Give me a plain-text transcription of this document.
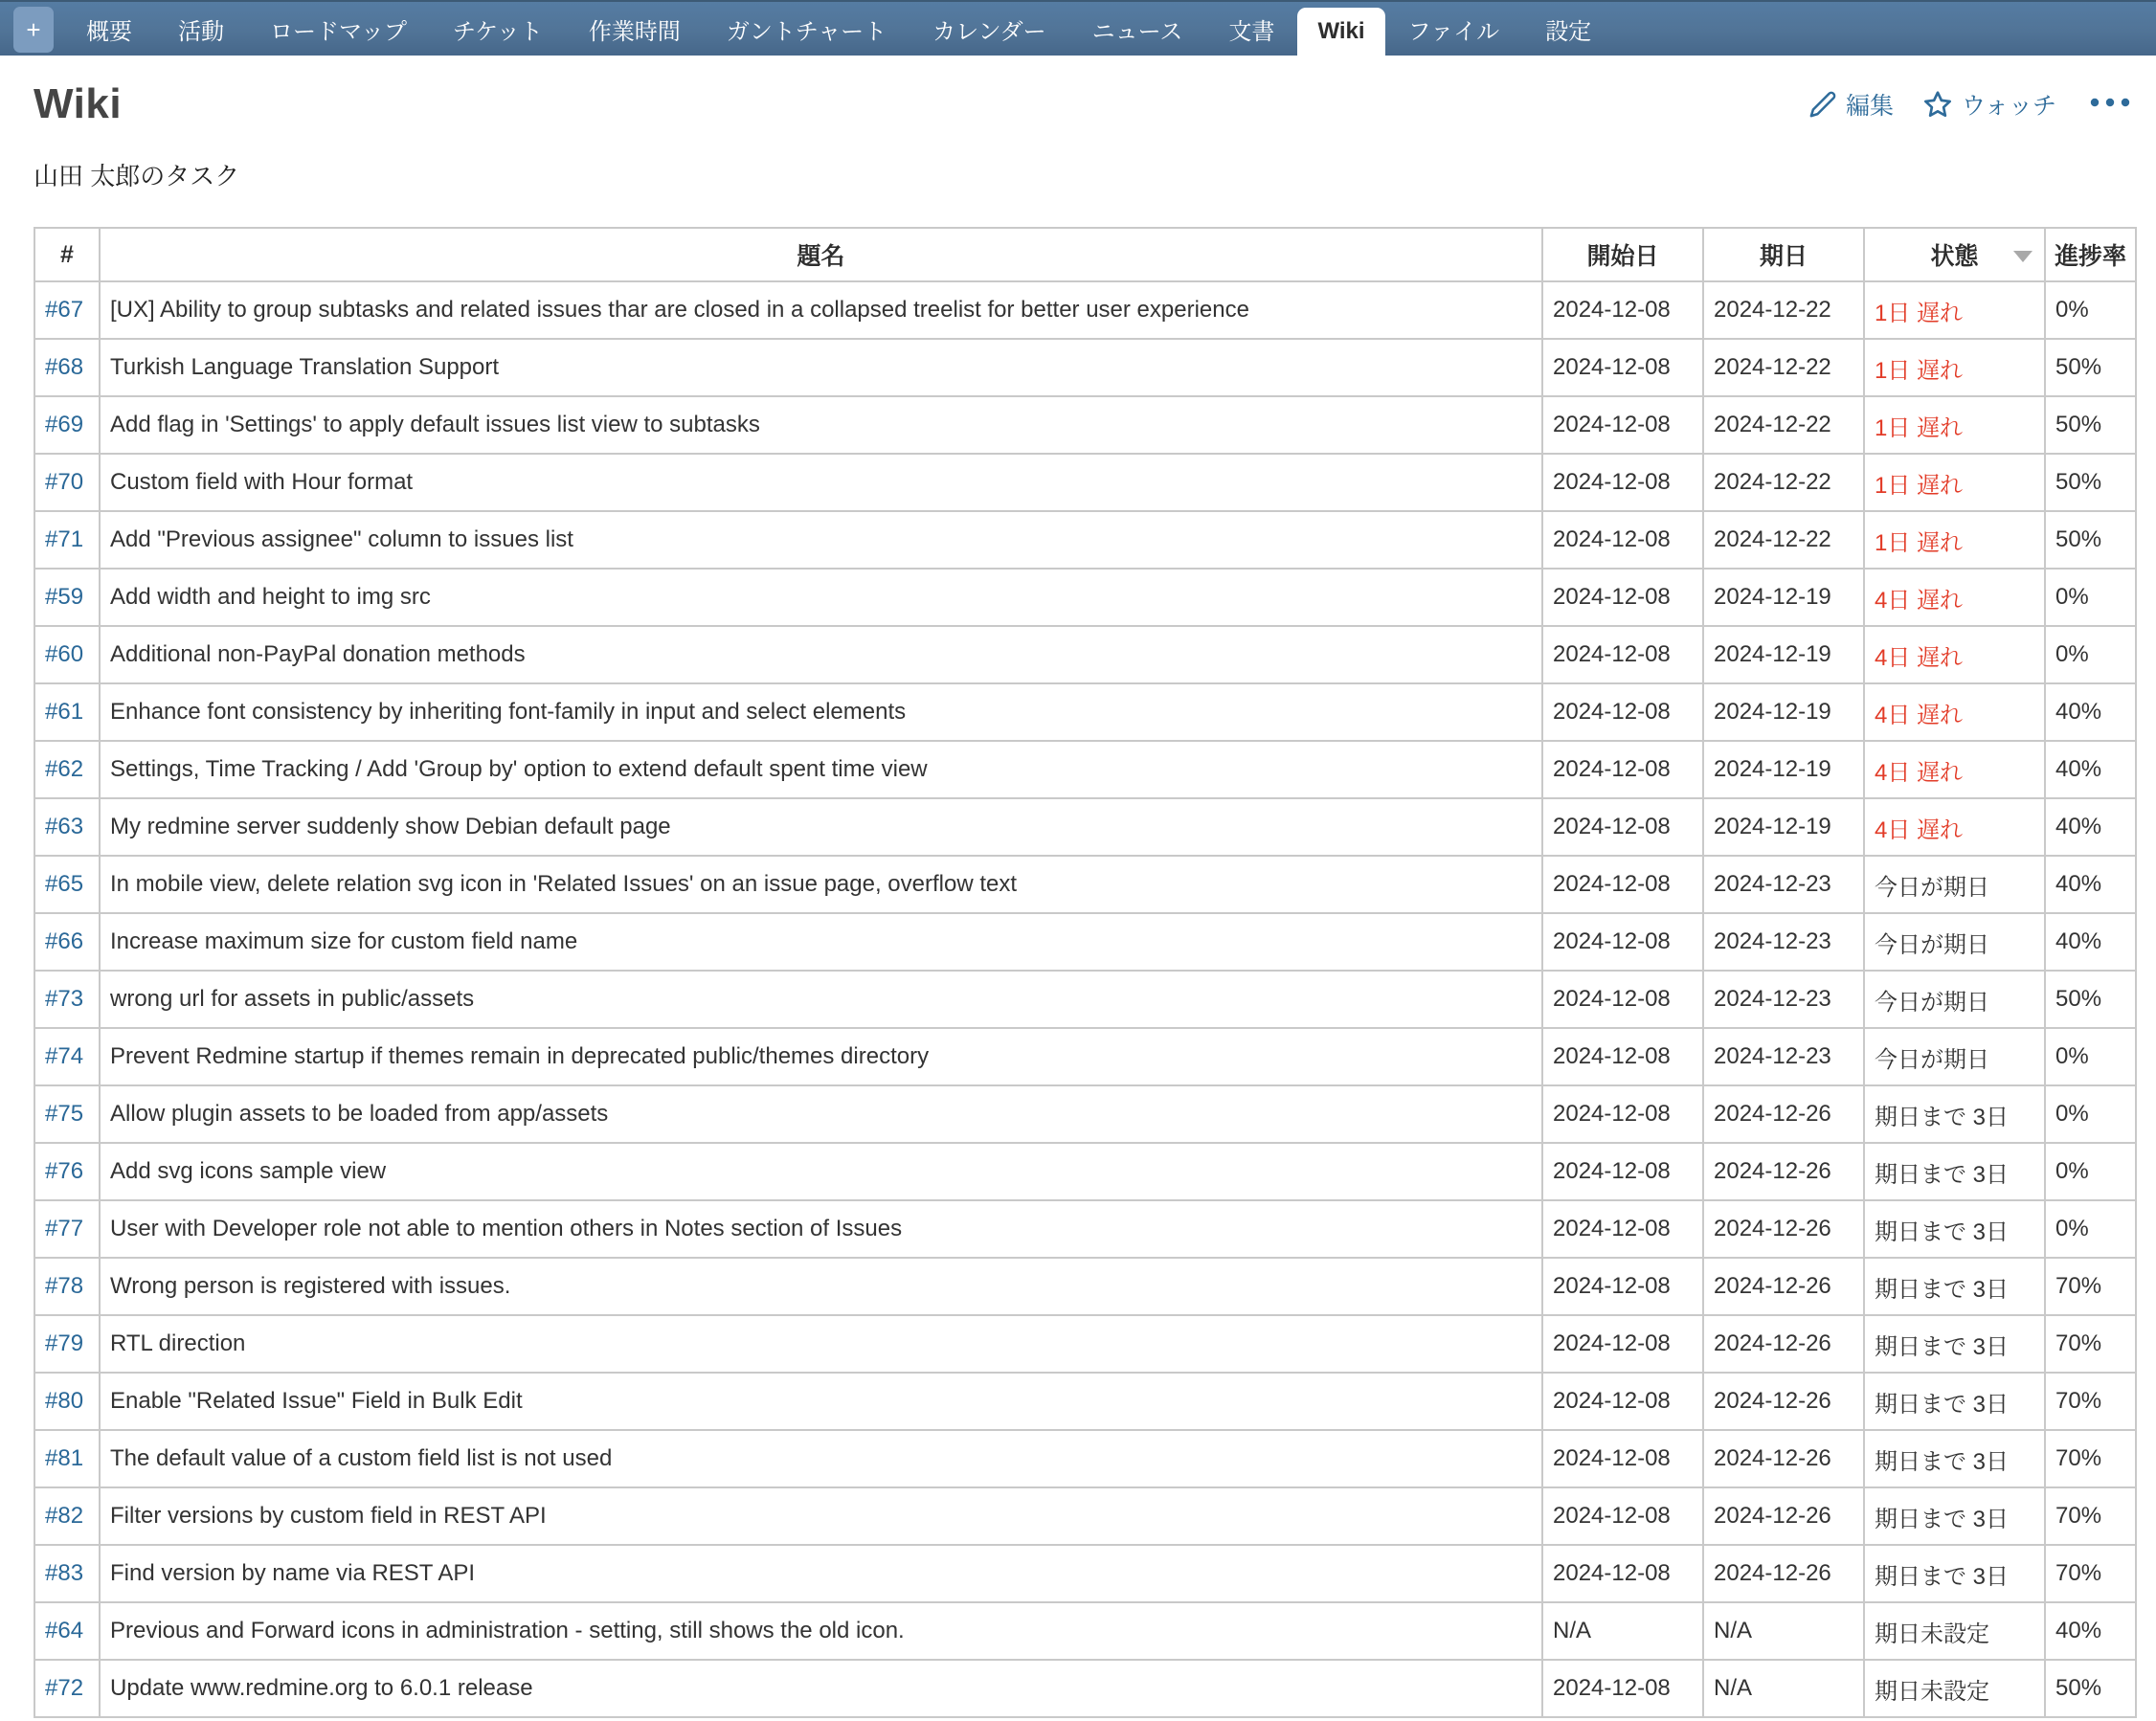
+	概要	活動	ロードマップ	チケット	作業時間	ガントチャート	カレンダー	ニュース	文書	Wiki	ファイル	設定
Wiki	編集	ウォッチ
山田 太郎のタスク
#	題名	開始日	期日	状態	進捗率
#67	[UX] Ability to group subtasks and related issues thar are closed in a collapsed treelist for better user experience	2024-12-08	2024-12-22	1日 遅れ	0%
#68	Turkish Language Translation Support	2024-12-08	2024-12-22	1日 遅れ	50%
#69	Add flag in 'Settings' to apply default issues list view to subtasks	2024-12-08	2024-12-22	1日 遅れ	50%
#70	Custom field with Hour format	2024-12-08	2024-12-22	1日 遅れ	50%
#71	Add "Previous assignee" column to issues list	2024-12-08	2024-12-22	1日 遅れ	50%
#59	Add width and height to img src	2024-12-08	2024-12-19	4日 遅れ	0%
#60	Additional non-PayPal donation methods	2024-12-08	2024-12-19	4日 遅れ	0%
#61	Enhance font consistency by inheriting font-family in input and select elements	2024-12-08	2024-12-19	4日 遅れ	40%
#62	Settings, Time Tracking / Add 'Group by' option to extend default spent time view	2024-12-08	2024-12-19	4日 遅れ	40%
#63	My redmine server suddenly show Debian default page	2024-12-08	2024-12-19	4日 遅れ	40%
#65	In mobile view, delete relation svg icon in 'Related Issues' on an issue page, overflow text	2024-12-08	2024-12-23	今日が期日	40%
#66	Increase maximum size for custom field name	2024-12-08	2024-12-23	今日が期日	40%
#73	wrong url for assets in public/assets	2024-12-08	2024-12-23	今日が期日	50%
#74	Prevent Redmine startup if themes remain in deprecated public/themes directory	2024-12-08	2024-12-23	今日が期日	0%
#75	Allow plugin assets to be loaded from app/assets	2024-12-08	2024-12-26	期日まで 3日	0%
#76	Add svg icons sample view	2024-12-08	2024-12-26	期日まで 3日	0%
#77	User with Developer role not able to mention others in Notes section of Issues	2024-12-08	2024-12-26	期日まで 3日	0%
#78	Wrong person is registered with issues.	2024-12-08	2024-12-26	期日まで 3日	70%
#79	RTL direction	2024-12-08	2024-12-26	期日まで 3日	70%
#80	Enable "Related Issue" Field in Bulk Edit	2024-12-08	2024-12-26	期日まで 3日	70%
#81	The default value of a custom field list is not used	2024-12-08	2024-12-26	期日まで 3日	70%
#82	Filter versions by custom field in REST API	2024-12-08	2024-12-26	期日まで 3日	70%
#83	Find version by name via REST API	2024-12-08	2024-12-26	期日まで 3日	70%
#64	Previous and Forward icons in administration - setting, still shows the old icon.	N/A	N/A	期日未設定	40%
#72	Update www.redmine.org to 6.0.1 release	2024-12-08	N/A	期日未設定	50%
